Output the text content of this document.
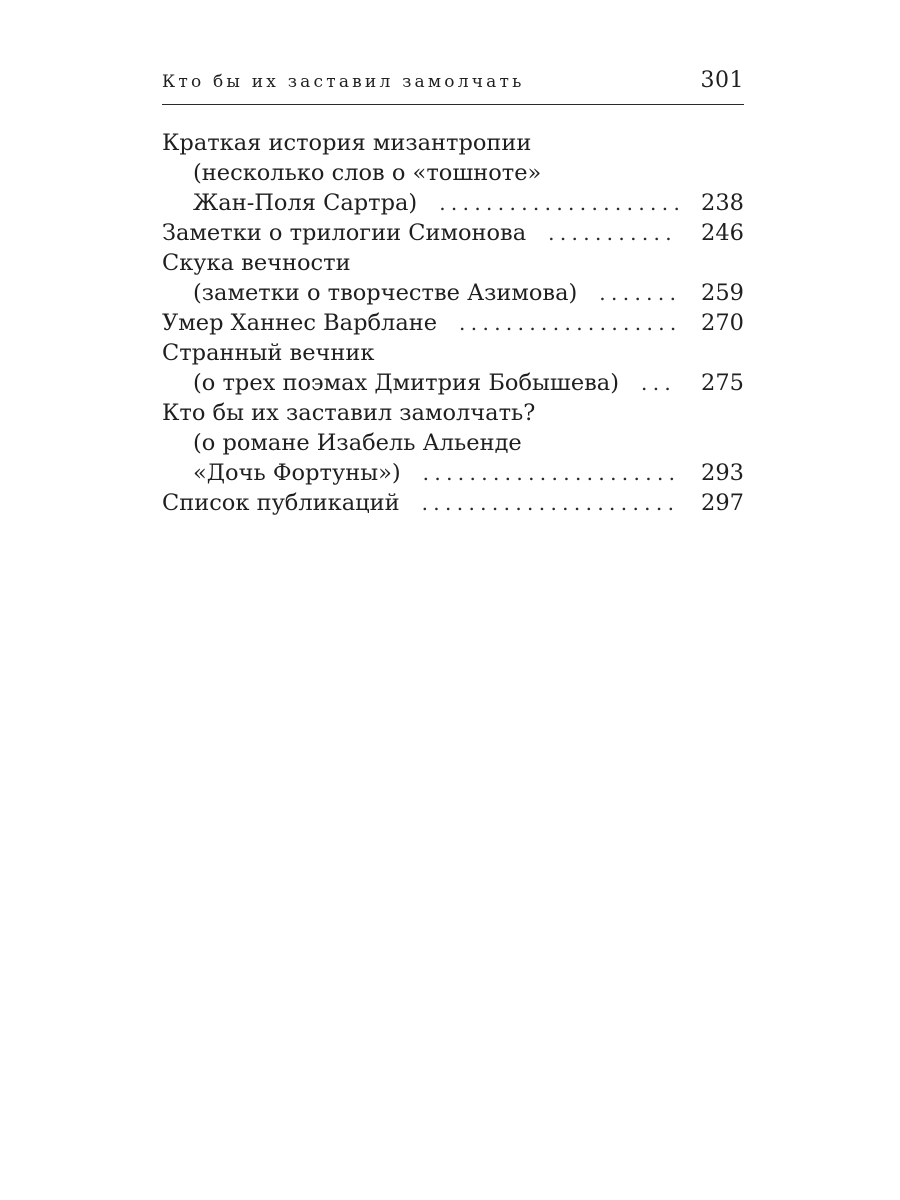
Кто бы их заставил замолчать	301
Краткая история мизантропии
(несколько слов о «тошноте»
Жан-Поля Сартра) . . .	238
Заметки о трилогии Симонова . . .	246
Скука вечности
(заметки о творчестве Азимова) . . .	259
Умер Ханнес Варблане . . .	270
Странный вечник
(о трех поэмах Дмитрия Бобышева) . . .	275
Кто бы их заставил замолчать?
(о романе Изабель Альенде
«Дочь Фортуны») . . .	293
Список публикаций . . .	297
